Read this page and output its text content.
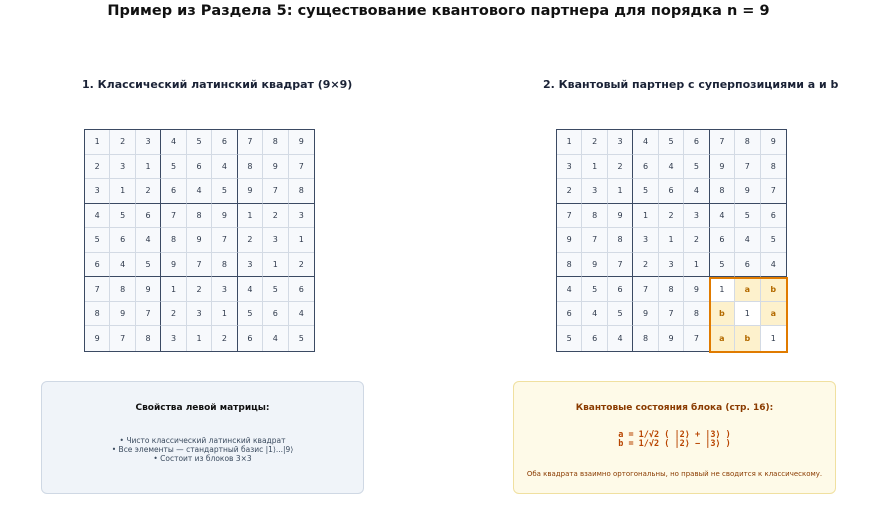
Пример из Раздела 5: существование квантового партнера для порядка n = 9
1. Классический латинский квадрат (9×9)	2. Квантовый партнер с суперпозициями a и b
1	2	3	4	5	6	7	8	9
2	3	1	5	6	4	8	9	7
3	1	2	6	4	5	9	7	8
4	5	6	7	8	9	1	2	3
5	6	4	8	9	7	2	3	1
6	4	5	9	7	8	3	1	2
7	8	9	1	2	3	4	5	6
8	9	7	2	3	1	5	6	4
9	7	8	3	1	2	6	4	5
1	2	3	4	5	6	7	8	9
3	1	2	6	4	5	9	7	8
2	3	1	5	6	4	8	9	7
7	8	9	1	2	3	4	5	6
9	7	8	3	1	2	6	4	5
8	9	7	2	3	1	5	6	4
4	5	6	7	8	9	1	a	b
6	4	5	9	7	8	b	1	a
5	6	4	8	9	7	a	b	1
Свойства левой матрицы:
• Чисто классический латинский квадрат
• Все элементы — стандартный базис |1⟩...|9⟩
• Состоит из блоков 3×3
Квантовые состояния блока (стр. 16):
a = 1/√2 ( |2⟩ + |3⟩ )
b = 1/√2 ( |2⟩ − |3⟩ )
Оба квадрата взаимно ортогональны, но правый не сводится к классическому.
